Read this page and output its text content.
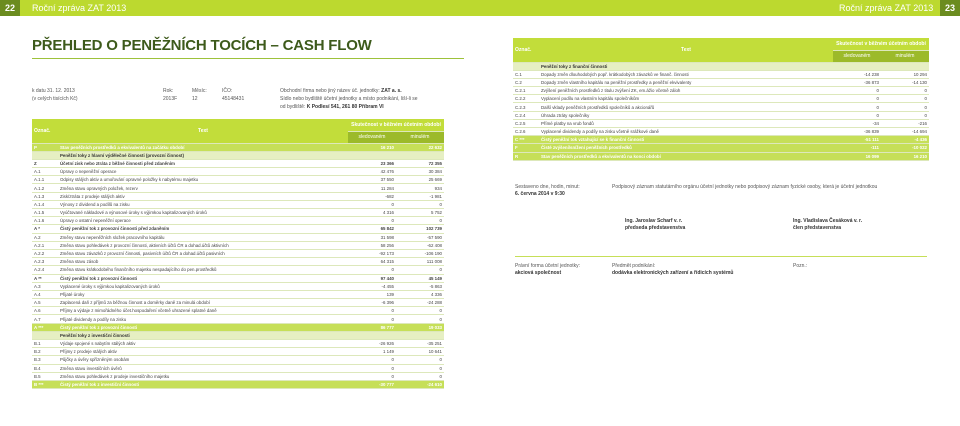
22	Roční zpráva ZAT 2013	Roční zpráva ZAT 2013	23
PŘEHLED O PENĚŽNÍCH TOCÍCH – CASH FLOW
k datu 31. 12. 2013
(v celých tisících Kč)
Rok:
2013F
Měsíc:
12
IČO:
45148431
Obchodní firma nebo jiný název úč. jednotky: ZAT a. s.
Sídlo nebo bydliště účetní jednotky a místo podnikání, liší-li se
od bydliště: K Podlesí 541, 261 80 Příbram VI
Označ.	Text	Skutečnost v běžném účetním období	
		sledovaném	minulém
P	Stav peněžních prostředků a ekvivalentů na začátku období	16 210	22 632
	Peněžní toky z hlavní výdělečné činnosti (provozní činnost)		
Z	Účetní zisk nebo ztráta z běžné činnosti před zdaněním	23 366	72 355
A.1	Úpravy o nepeněžní operace	42 476	30 384
A.1.1	Odpisy stálých aktiv a umořování opravné položky k nabytému majetku	37 550	25 669
A.1.2	Změna stavu opravných položek, rezerv	11 284	934
A.1.3	Zisk/ztráta z prodeje stálých aktiv	-682	-1 981
A.1.4	Výnosy z dividend a podílů na zisku	0	0
A.1.5	Vyúčtované nákladové a výnosové úroky s výjimkou kapitalizovaných úroků	4 316	5 752
A.1.6	Úpravy o ostatní nepeněžní operace	0	0
A *	Čistý peněžní tok z provozní činnosti před zdaněním	65 842	102 739
A.2	Změny stavu nepeněžních složek pracovního kapitálu	31 598	-57 590
A.2.1	Změna stavu pohledávek z provozní činnosti, aktivních účtů ČR a dohad.účtů aktivních	58 256	-62 408
A.2.2	Změna stavu závazků z provozní činnosti, pasivních účtů ČR a dohad.účtů pasivních	-92 173	-106 190
A.2.3	Změna stavu zásob	64 315	111 008
A.2.4	Změna stavu krátkodobého finančního majetku nespadajícího do pen.prostředků	0	0
A **	Čistý peněžní tok z provozní činnosti	97 440	45 149
A.3	Vyplacené úroky s výjimkou kapitalizovaných úroků	-4 455	-5 863
A.4	Přijaté úroky	139	4 336
A.5	Zaplacená daň z příjmů za běžnou činnost a doměrky daně za minulá období	-6 396	-24 288
A.6	Příjmy a výdaje z mimořádného účet.hospodaření včetně uhrazené splatné daně	0	0
A.7	Přijaté dividendy a podíly na zisku	0	0
A ***	Čistý peněžní tok z provozní činnosti	86 777	19 033
	Peněžní toky z investiční činnosti		
B.1	Výdaje spojené s nabytím stálých aktiv	-26 926	-35 251
B.2	Příjmy z prodeje stálých aktiv	1 149	10 641
B.3	Půjčky a úvěry spřízněným osobám	0	0
B.4	Změna stavu investičních úvěrů	0	0
B.5	Změna stavu pohledávek z prodeje investičního majetku	0	0
B ***	Čistý peněžní tok z investiční činnosti	-30 777	-24 610
Označ.	Text	Skutečnost v běžném účetním období	
		sledovaném	minulém
	Peněžní toky z finanční činnosti		
C.1	Dopady změn dlouhodobých popř. krátkodobých závazků ve finanč. činnosti	-14 238	10 294
C.2	Dopady změn vlastního kapitálu na peněžní prostředky a peněžní ekvivalenty	-36 873	-14 130
C.2.1	Zvýšení peněžních prostředků z titulu zvýšení ZK, em.ážio včetně záloh	0	0
C.2.2	Vyplacení podílu na vlastním kapitálu společníkům	0	0
C.2.3	Další vklady peněžních prostředků společníků a akcionářů	0	0
C.2.4	Úhrada ztráty společníky	0	0
C.2.5	Přímé platby na vrub fondů	-34	-216
C.2.6	Vyplacené dividendy a podíly na zisku včetně srážkové daně	-36 839	-14 694
C ***	Čistý peněžní tok vztahující se k finanční činnosti	-51 111	-4 436
F	Čisté zvýšení/snížení peněžních prostředků	-111	-10 022
R	Stav peněžních prostředků a ekvivalentů na konci období	16 099	16 210
Sestaveno dne, hodin, minut:
6. června 2014 v 9:30
Podpisový záznam statutárního orgánu účetní jednotky nebo podpisový záznam fyzické osoby, která je účetní jednotkou
Ing. Jaroslav Scharf v. r.
předseda představenstva
Ing. Vladislava Česáková v. r.
člen představenstva
Právní forma účetní jednotky:
akciová společnost
Předmět podnikání:
dodávka elektronických zařízení a řídicích systémů
Pozn.:
